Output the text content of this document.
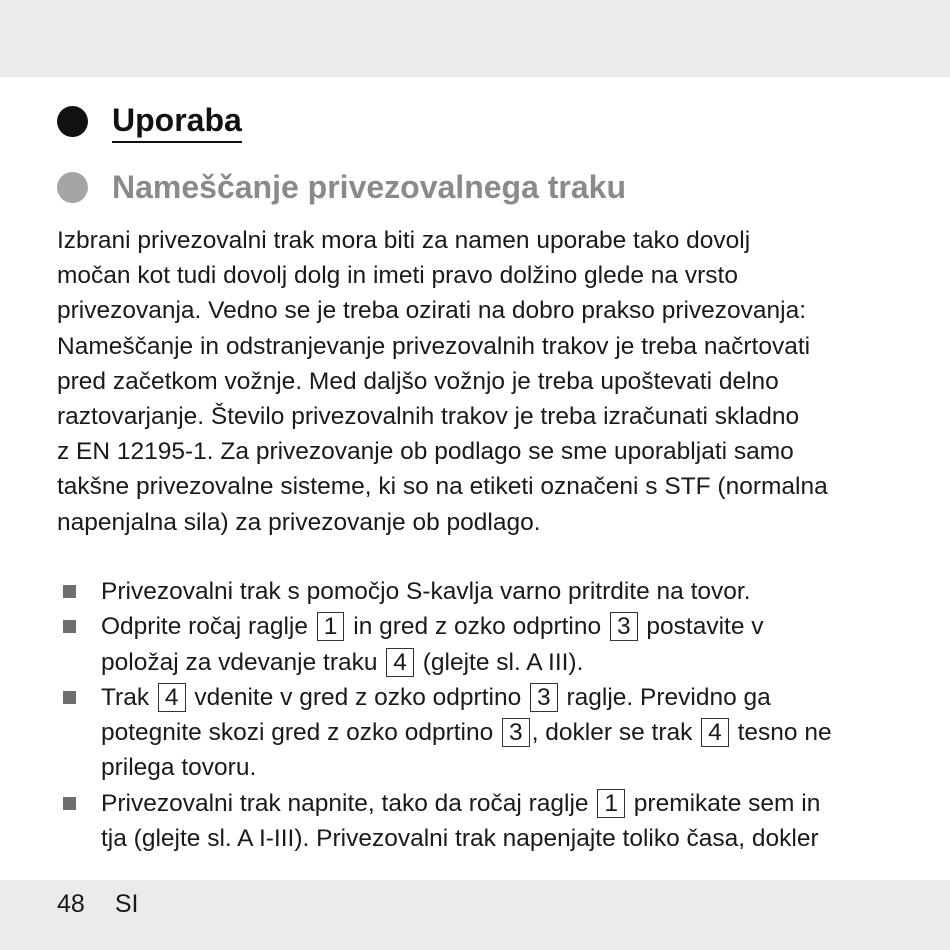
Uporaba
Nameščanje privezovalnega traku

Izbrani privezovalni trak mora biti za namen uporabe tako dovolj
močan kot tudi dovolj dolg in imeti pravo dolžino glede na vrsto
privezovanja. Vedno se je treba ozirati na dobro prakso privezovanja:
Nameščanje in odstranjevanje privezovalnih trakov je treba načrtovati
pred začetkom vožnje. Med daljšo vožnjo je treba upoštevati delno
raztovarjanje. Število privezovalnih trakov je treba izračunati skladno
z EN 12195-1. Za privezovanje ob podlago se sme uporabljati samo
takšne privezovalne sisteme, ki so na etiketi označeni s STF (normalna
napenjalna sila) za privezovanje ob podlago.

Privezovalni trak s pomočjo S-kavlja varno pritrdite na tovor.
Odprite ročaj raglje 1 in gred z ozko odprtino 3 postavite v
položaj za vdevanje traku 4 (glejte sl. A III).
Trak 4 vdenite v gred z ozko odprtino 3 raglje. Previdno ga
potegnite skozi gred z ozko odprtino 3 , dokler se trak 4 tesno ne
prilega tovoru.
Privezovalni trak napnite, tako da ročaj raglje 1 premikate sem in
tja (glejte sl. A I-III). Privezovalni trak napenjajte toliko časa, dokler
48 SI
